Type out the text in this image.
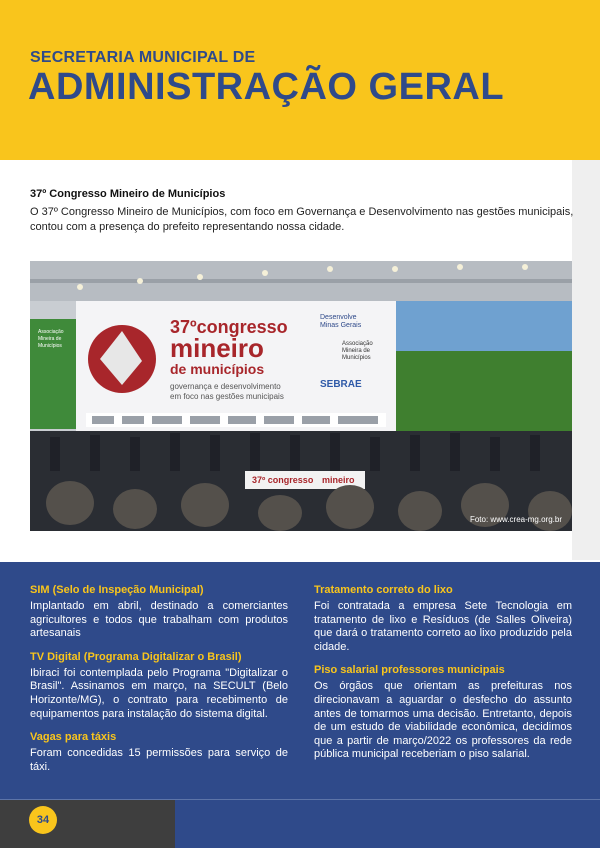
SECRETARIA MUNICIPAL DE
ADMINISTRAÇÃO GERAL
37º Congresso Mineiro de Municípios
O 37º Congresso Mineiro de Municípios, com foco em Governança e Desenvolvimento nas gestões municipais, contou com a presença do prefeito representando nossa cidade.
Associação
Mineira de
Municípios
37ºcongresso
mineiro
de municípios
governança e desenvolvimento
em foco nas gestões municipais
Desenvolve
Minas Gerais
Associação
Mineira de
Municípios
SEBRAE
37º congresso mineiro
Foto: www.crea-mg.org.br
SIM (Selo de Inspeção Municipal)
Implantado em abril, destinado a comerciantes agricultores e todos que trabalham com produtos artesanais
TV Digital (Programa Digitalizar o Brasil)
Ibiraci foi contemplada pelo Programa "Digitalizar o Brasil". Assinamos em março, na SECULT (Belo Horizonte/MG), o contrato para recebimento de equipamentos para instalação do sistema digital.
Vagas para táxis
Foram concedidas 15 permissões para serviço de táxi.
Tratamento correto do lixo
Foi contratada a empresa Sete Tecnologia em tratamento de lixo e Resíduos (de Salles Oliveira) que dará o tratamento correto ao lixo produzido pela cidade.
Piso salarial professores municipais
Os órgãos que orientam as prefeituras nos direcionavam a aguardar o desfecho do assunto antes de tomarmos uma decisão. Entretanto, depois de um estudo de viabilidade econômica, decidimos que a partir de março/2022 os professores da rede pública municipal receberiam o piso salarial.
34
